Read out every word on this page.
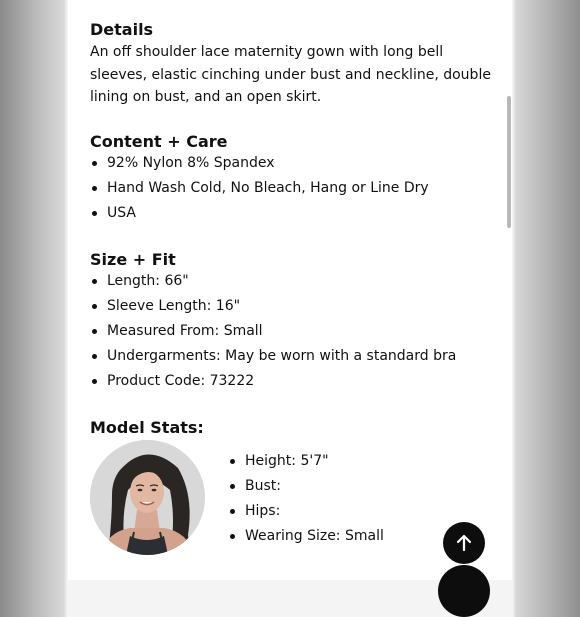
Details

An off shoulder lace maternity gown with long bell sleeves, elastic cinching under bust and neckline, double lining on bust, and an open skirt.

Content + Care
92% Nylon 8% Spandex
Hand Wash Cold, No Bleach, Hang or Line Dry
USA
Size + Fit
Length: 66"
Sleeve Length: 16"
Measured From: Small
Undergarments: May be worn with a standard bra
Product Code: 73222
Model Stats:
Height: 5'7"
Bust:
Hips:
Wearing Size: Small
